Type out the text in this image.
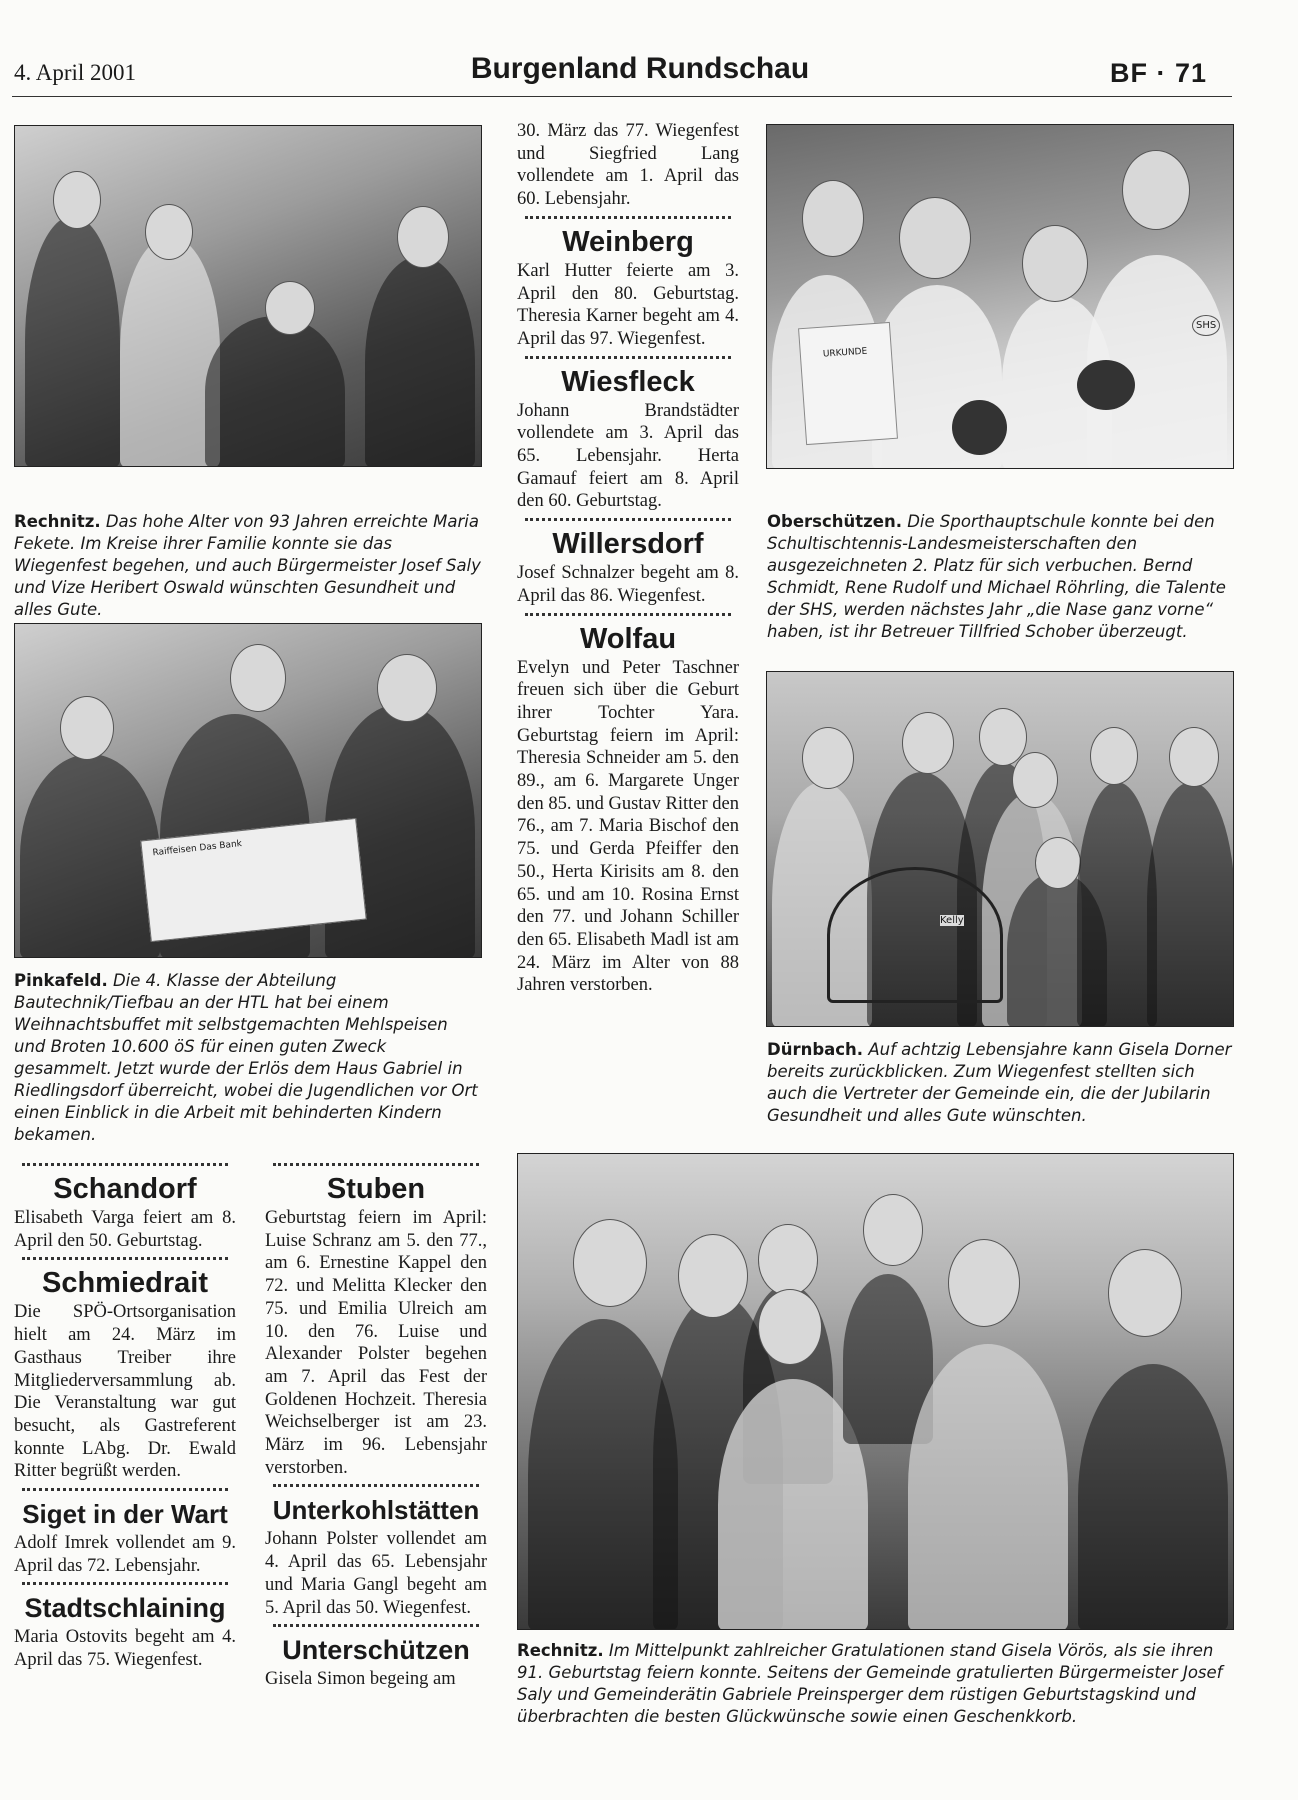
4. April 2001	Burgenland Rundschau	BF · 71
Rechnitz. Das hohe Alter von 93 Jahren erreichte Maria Fekete. Im Kreise ihrer Familie konnte sie das Wiegenfest begehen, und auch Bürgermeister Josef Saly und Vize Heribert Oswald wünschten Gesundheit und alles Gute.
Raiffeisen Das Bank
Pinkafeld. Die 4. Klasse der Abteilung Bautechnik/Tiefbau an der HTL hat bei einem Weihnachtsbuffet mit selbstgemachten Mehlspeisen und Broten 10.600 öS für einen guten Zweck gesammelt. Jetzt wurde der Erlös dem Haus Gabriel in Riedlingsdorf überreicht, wobei die Jugendlichen vor Ort einen Einblick in die Arbeit mit behinderten Kindern bekamen.

30. März das 77. Wiegenfest und Siegfried Lang vollendete am 1. April das 60. Lebensjahr.

Weinberg

Karl Hutter feierte am 3. April den 80. Geburtstag. Theresia Karner begeht am 4. April das 97. Wiegenfest.

Wiesfleck

Johann Brandstädter vollendete am 3. April das 65. Lebensjahr. Herta Gamauf feiert am 8. April den 60. Geburtstag.

Willersdorf

Josef Schnalzer begeht am 8. April das 86. Wiegenfest.

Wolfau

Evelyn und Peter Taschner freuen sich über die Geburt ihrer Tochter Yara. Geburtstag feiern im April: Theresia Schneider am 5. den 89., am 6. Margarete Unger den 85. und Gustav Ritter den 76., am 7. Maria Bischof den 75. und Gerda Pfeiffer den 50., Herta Kirisits am 8. den 65. und am 10. Rosina Ernst den 77. und Johann Schiller den 65. Elisabeth Madl ist am 24. März im Alter von 88 Jahren verstorben.

URKUNDE
SHS
Oberschützen. Die Sporthauptschule konnte bei den Schultischtennis-Landesmeisterschaften den ausgezeichneten 2. Platz für sich verbuchen. Bernd Schmidt, Rene Rudolf und Michael Röhrling, die Talente der SHS, werden nächstes Jahr „die Nase ganz vorne“ haben, ist ihr Betreuer Tillfried Schober überzeugt.
Kelly
Dürnbach. Auf achtzig Lebensjahre kann Gisela Dorner bereits zurückblicken. Zum Wiegenfest stellten sich auch die Vertreter der Gemeinde ein, die der Jubilarin Gesundheit und alles Gute wünschten.
Rechnitz. Im Mittelpunkt zahlreicher Gratulationen stand Gisela Vörös, als sie ihren 91. Geburtstag feiern konnte. Seitens der Gemeinde gratulierten Bürgermeister Josef Saly und Gemeinderätin Gabriele Preinsperger dem rüstigen Geburtstagskind und überbrachten die besten Glückwünsche sowie einen Geschenkkorb.
Schandorf

Elisabeth Varga feiert am 8. April den 50. Geburtstag.

Schmiedrait

Die SPÖ-Ortsorganisation hielt am 24. März im Gasthaus Treiber ihre Mitgliederversammlung ab. Die Veranstaltung war gut besucht, als Gastreferent konnte LAbg. Dr. Ewald Ritter begrüßt werden.

Siget in der Wart

Adolf Imrek vollendet am 9. April das 72. Lebensjahr.

Stadtschlaining

Maria Ostovits begeht am 4. April das 75. Wiegenfest.

Stuben

Geburtstag feiern im April: Luise Schranz am 5. den 77., am 6. Ernestine Kappel den 72. und Melitta Klecker den 75. und Emilia Ulreich am 10. den 76. Luise und Alexander Polster begehen am 7. April das Fest der Goldenen Hochzeit. Theresia Weichselberger ist am 23. März im 96. Lebensjahr verstorben.

Unterkohlstätten

Johann Polster vollendet am 4. April das 65. Lebensjahr und Maria Gangl begeht am 5. April das 50. Wiegenfest.

Unterschützen

Gisela Simon begeing am
